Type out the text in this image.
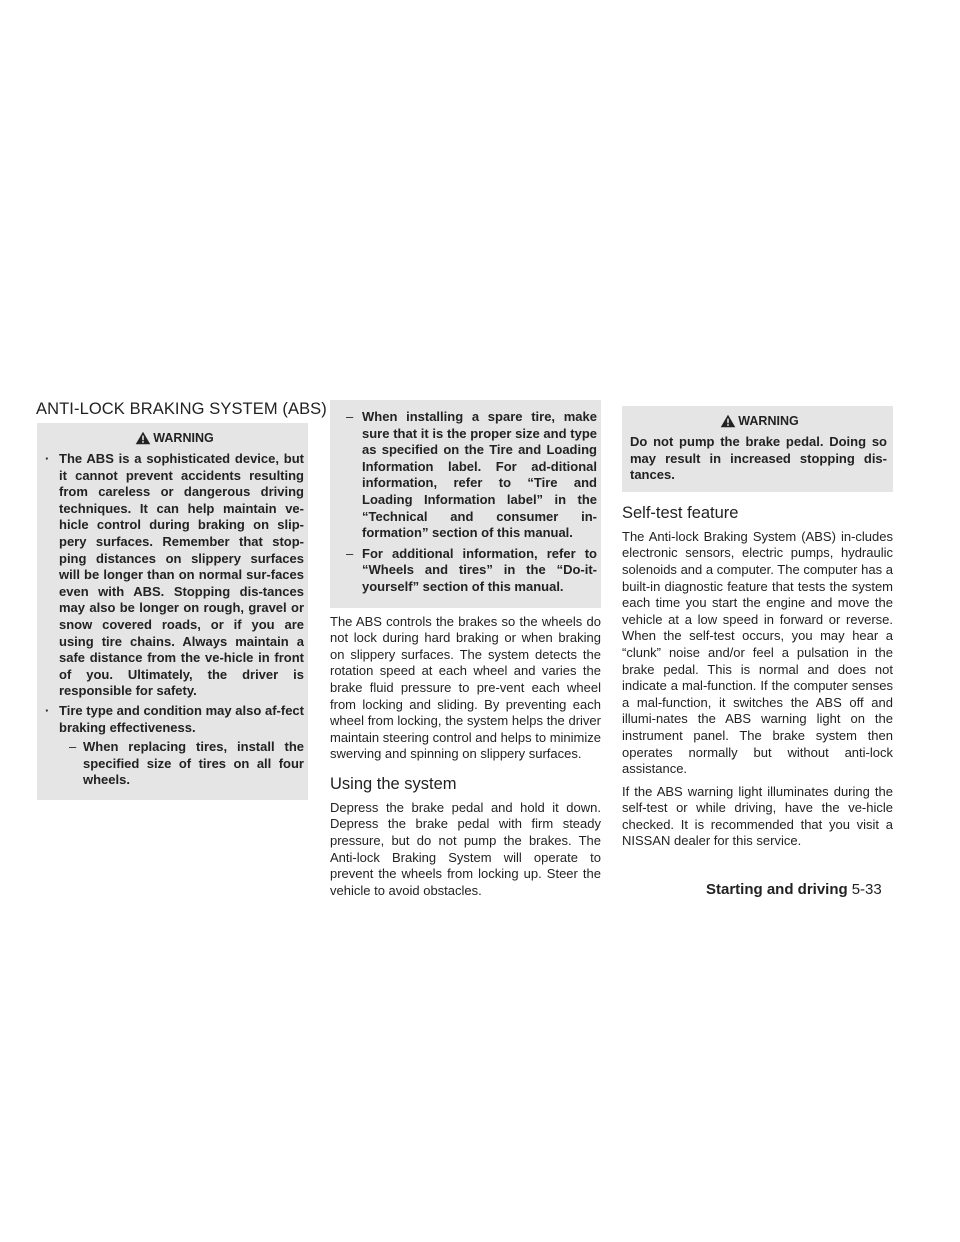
ANTI-LOCK BRAKING SYSTEM (ABS)
WARNING
· The ABS is a sophisticated device, but it cannot prevent accidents resulting from careless or dangerous driving techniques. It can help maintain ve-hicle control during braking on slip-pery surfaces. Remember that stop-ping distances on slippery surfaces will be longer than on normal sur-faces even with ABS. Stopping dis-tances may also be longer on rough, gravel or snow covered roads, or if you are using tire chains. Always maintain a safe distance from the ve-hicle in front of you. Ultimately, the driver is responsible for safety.
· Tire type and condition may also af-fect braking effectiveness.
– When replacing tires, install the specified size of tires on all four wheels.
– When installing a spare tire, make sure that it is the proper size and type as specified on the Tire and Loading Information label. For ad-ditional information, refer to “Tire and Loading Information label” in the “Technical and consumer in-formation” section of this manual.
– For additional information, refer to “Wheels and tires” in the “Do-it-yourself” section of this manual.

The ABS controls the brakes so the wheels do not lock during hard braking or when braking on slippery surfaces. The system detects the rotation speed at each wheel and varies the brake fluid pressure to pre-vent each wheel from locking and sliding. By preventing each wheel from locking, the system helps the driver maintain steering control and helps to minimize swerving and spinning on slippery surfaces.

Using the system

Depress the brake pedal and hold it down. Depress the brake pedal with firm steady pressure, but do not pump the brakes. The Anti-lock Braking System will operate to prevent the wheels from locking up. Steer the vehicle to avoid obstacles.

WARNING
Do not pump the brake pedal. Doing so may result in increased stopping dis-tances.
Self-test feature

The Anti-lock Braking System (ABS) in-cludes electronic sensors, electric pumps, hydraulic solenoids and a computer. The computer has a built-in diagnostic feature that tests the system each time you start the engine and move the vehicle at a low speed in forward or reverse. When the self-test occurs, you may hear a “clunk” noise and/or feel a pulsation in the brake pedal. This is normal and does not indicate a mal-function. If the computer senses a mal-function, it switches the ABS off and illumi-nates the ABS warning light on the instrument panel. The brake system then operates normally but without anti-lock assistance.

If the ABS warning light illuminates during the self-test or while driving, have the ve-hicle checked. It is recommended that you visit a NISSAN dealer for this service.

Starting and driving 5-33
